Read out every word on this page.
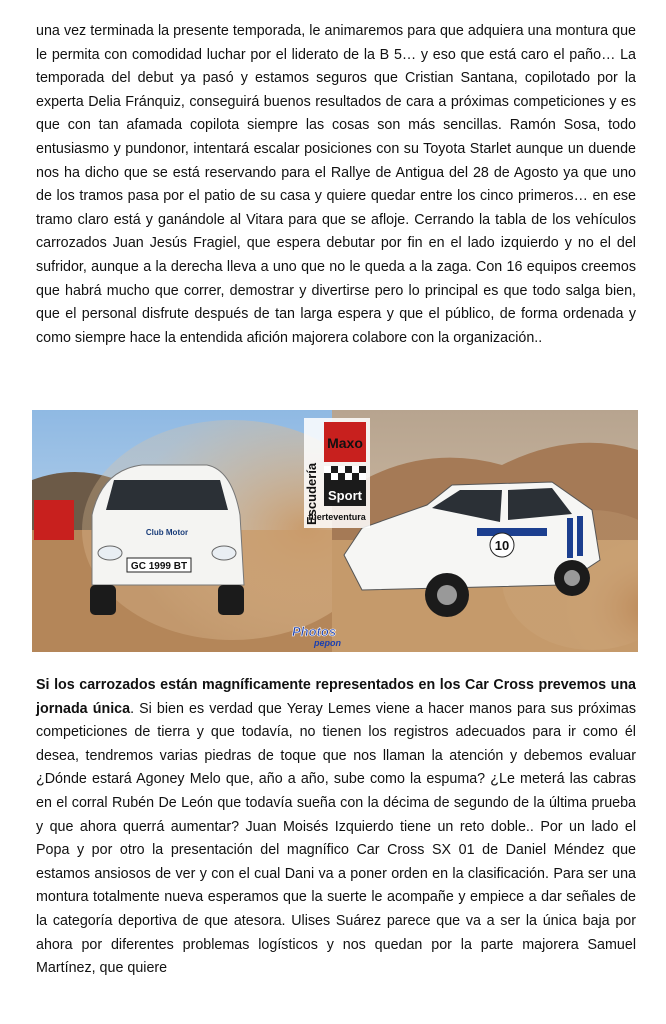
una vez terminada la presente temporada, le animaremos para que adquiera una montura que le permita con comodidad luchar por el liderato de la B 5… y eso que está caro el paño… La temporada del debut ya pasó y estamos seguros que Cristian Santana, copilotado por la experta Delia Fránquiz, conseguirá buenos resultados de cara a próximas competiciones y es que con tan afamada copilota siempre las cosas son más sencillas. Ramón Sosa, todo entusiasmo y pundonor, intentará escalar posiciones con su Toyota Starlet aunque un duende nos ha dicho que se está reservando para el Rallye de Antigua del 28 de Agosto ya que uno de los tramos pasa por el patio de su casa y quiere quedar entre los cinco primeros… en ese tramo claro está y ganándole al Vitara para que se afloje. Cerrando la tabla de los vehículos carrozados Juan Jesús Fragiel, que espera debutar por fin en el lado izquierdo y no el del sufridor, aunque a la derecha lleva a uno que no le queda a la zaga. Con 16 equipos creemos que habrá mucho que correr, demostrar y divertirse pero lo principal es que todo salga bien, que el personal disfrute después de tan larga espera y que el público, de forma ordenada y como siempre hace la entendida afición majorera colabore con la organización..

GC 1999 BT
Club Motor
10
Escudería
Maxo
Sport
fuerteventura
Photos
pepon

Si los carrozados están magníficamente representados en los Car Cross prevemos una jornada única. Si bien es verdad que Yeray Lemes viene a hacer manos para sus próximas competiciones de tierra y que todavía, no tienen los registros adecuados para ir como él desea, tendremos varias piedras de toque que nos llaman la atención y debemos evaluar ¿Dónde estará Agoney Melo que, año a año, sube como la espuma? ¿Le meterá las cabras en el corral Rubén De León que todavía sueña con la décima de segundo de la última prueba y que ahora querrá aumentar? Juan Moisés Izquierdo tiene un reto doble.. Por un lado el Popa y por otro la presentación del magnífico Car Cross SX 01 de Daniel Méndez que estamos ansiosos de ver y con el cual Dani va a poner orden en la clasificación. Para ser una montura totalmente nueva esperamos que la suerte le acompañe y empiece a dar señales de la categoría deportiva de que atesora. Ulises Suárez parece que va a ser la única baja por ahora por diferentes problemas logísticos y nos quedan por la parte majorera Samuel Martínez, que quiere
